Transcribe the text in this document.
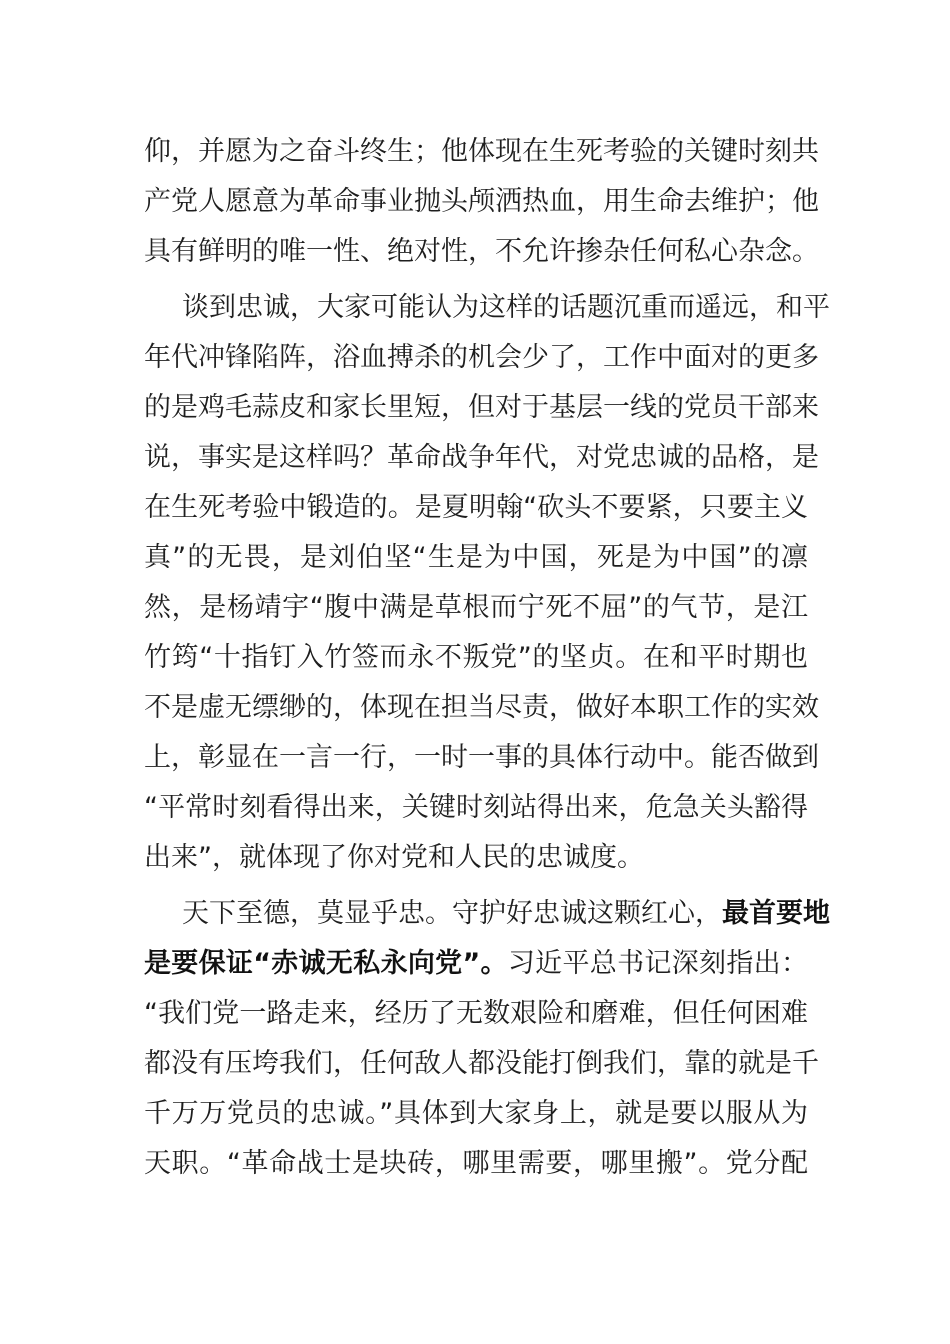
仰，并愿为之奋斗终生；他体现在生死考验的关键时刻共
产党人愿意为革命事业抛头颅洒热血，用生命去维护；他
具有鲜明的唯一性、绝对性，不允许掺杂任何私心杂念。
谈到忠诚，大家可能认为这样的话题沉重而遥远，和平
年代冲锋陷阵，浴血搏杀的机会少了，工作中面对的更多
的是鸡毛蒜皮和家长里短，但对于基层一线的党员干部来
说，事实是这样吗？革命战争年代，对党忠诚的品格，是
在生死考验中锻造的。是夏明翰“砍头不要紧，只要主义
真”的无畏，是刘伯坚“生是为中国，死是为中国”的凛
然，是杨靖宇“腹中满是草根而宁死不屈”的气节，是江
竹筠“十指钉入竹签而永不叛党”的坚贞。在和平时期也
不是虚无缥缈的，体现在担当尽责，做好本职工作的实效
上，彰显在一言一行，一时一事的具体行动中。能否做到
“平常时刻看得出来，关键时刻站得出来，危急关头豁得
出来”，就体现了你对党和人民的忠诚度。
天下至德，莫显乎忠。守护好忠诚这颗红心，最首要地
是要保证“赤诚无私永向党”。习近平总书记深刻指出：
“我们党一路走来，经历了无数艰险和磨难，但任何困难
都没有压垮我们，任何敌人都没能打倒我们，靠的就是千
千万万党员的忠诚。”具体到大家身上，就是要以服从为
天职。“革命战士是块砖，哪里需要，哪里搬”。党分配
